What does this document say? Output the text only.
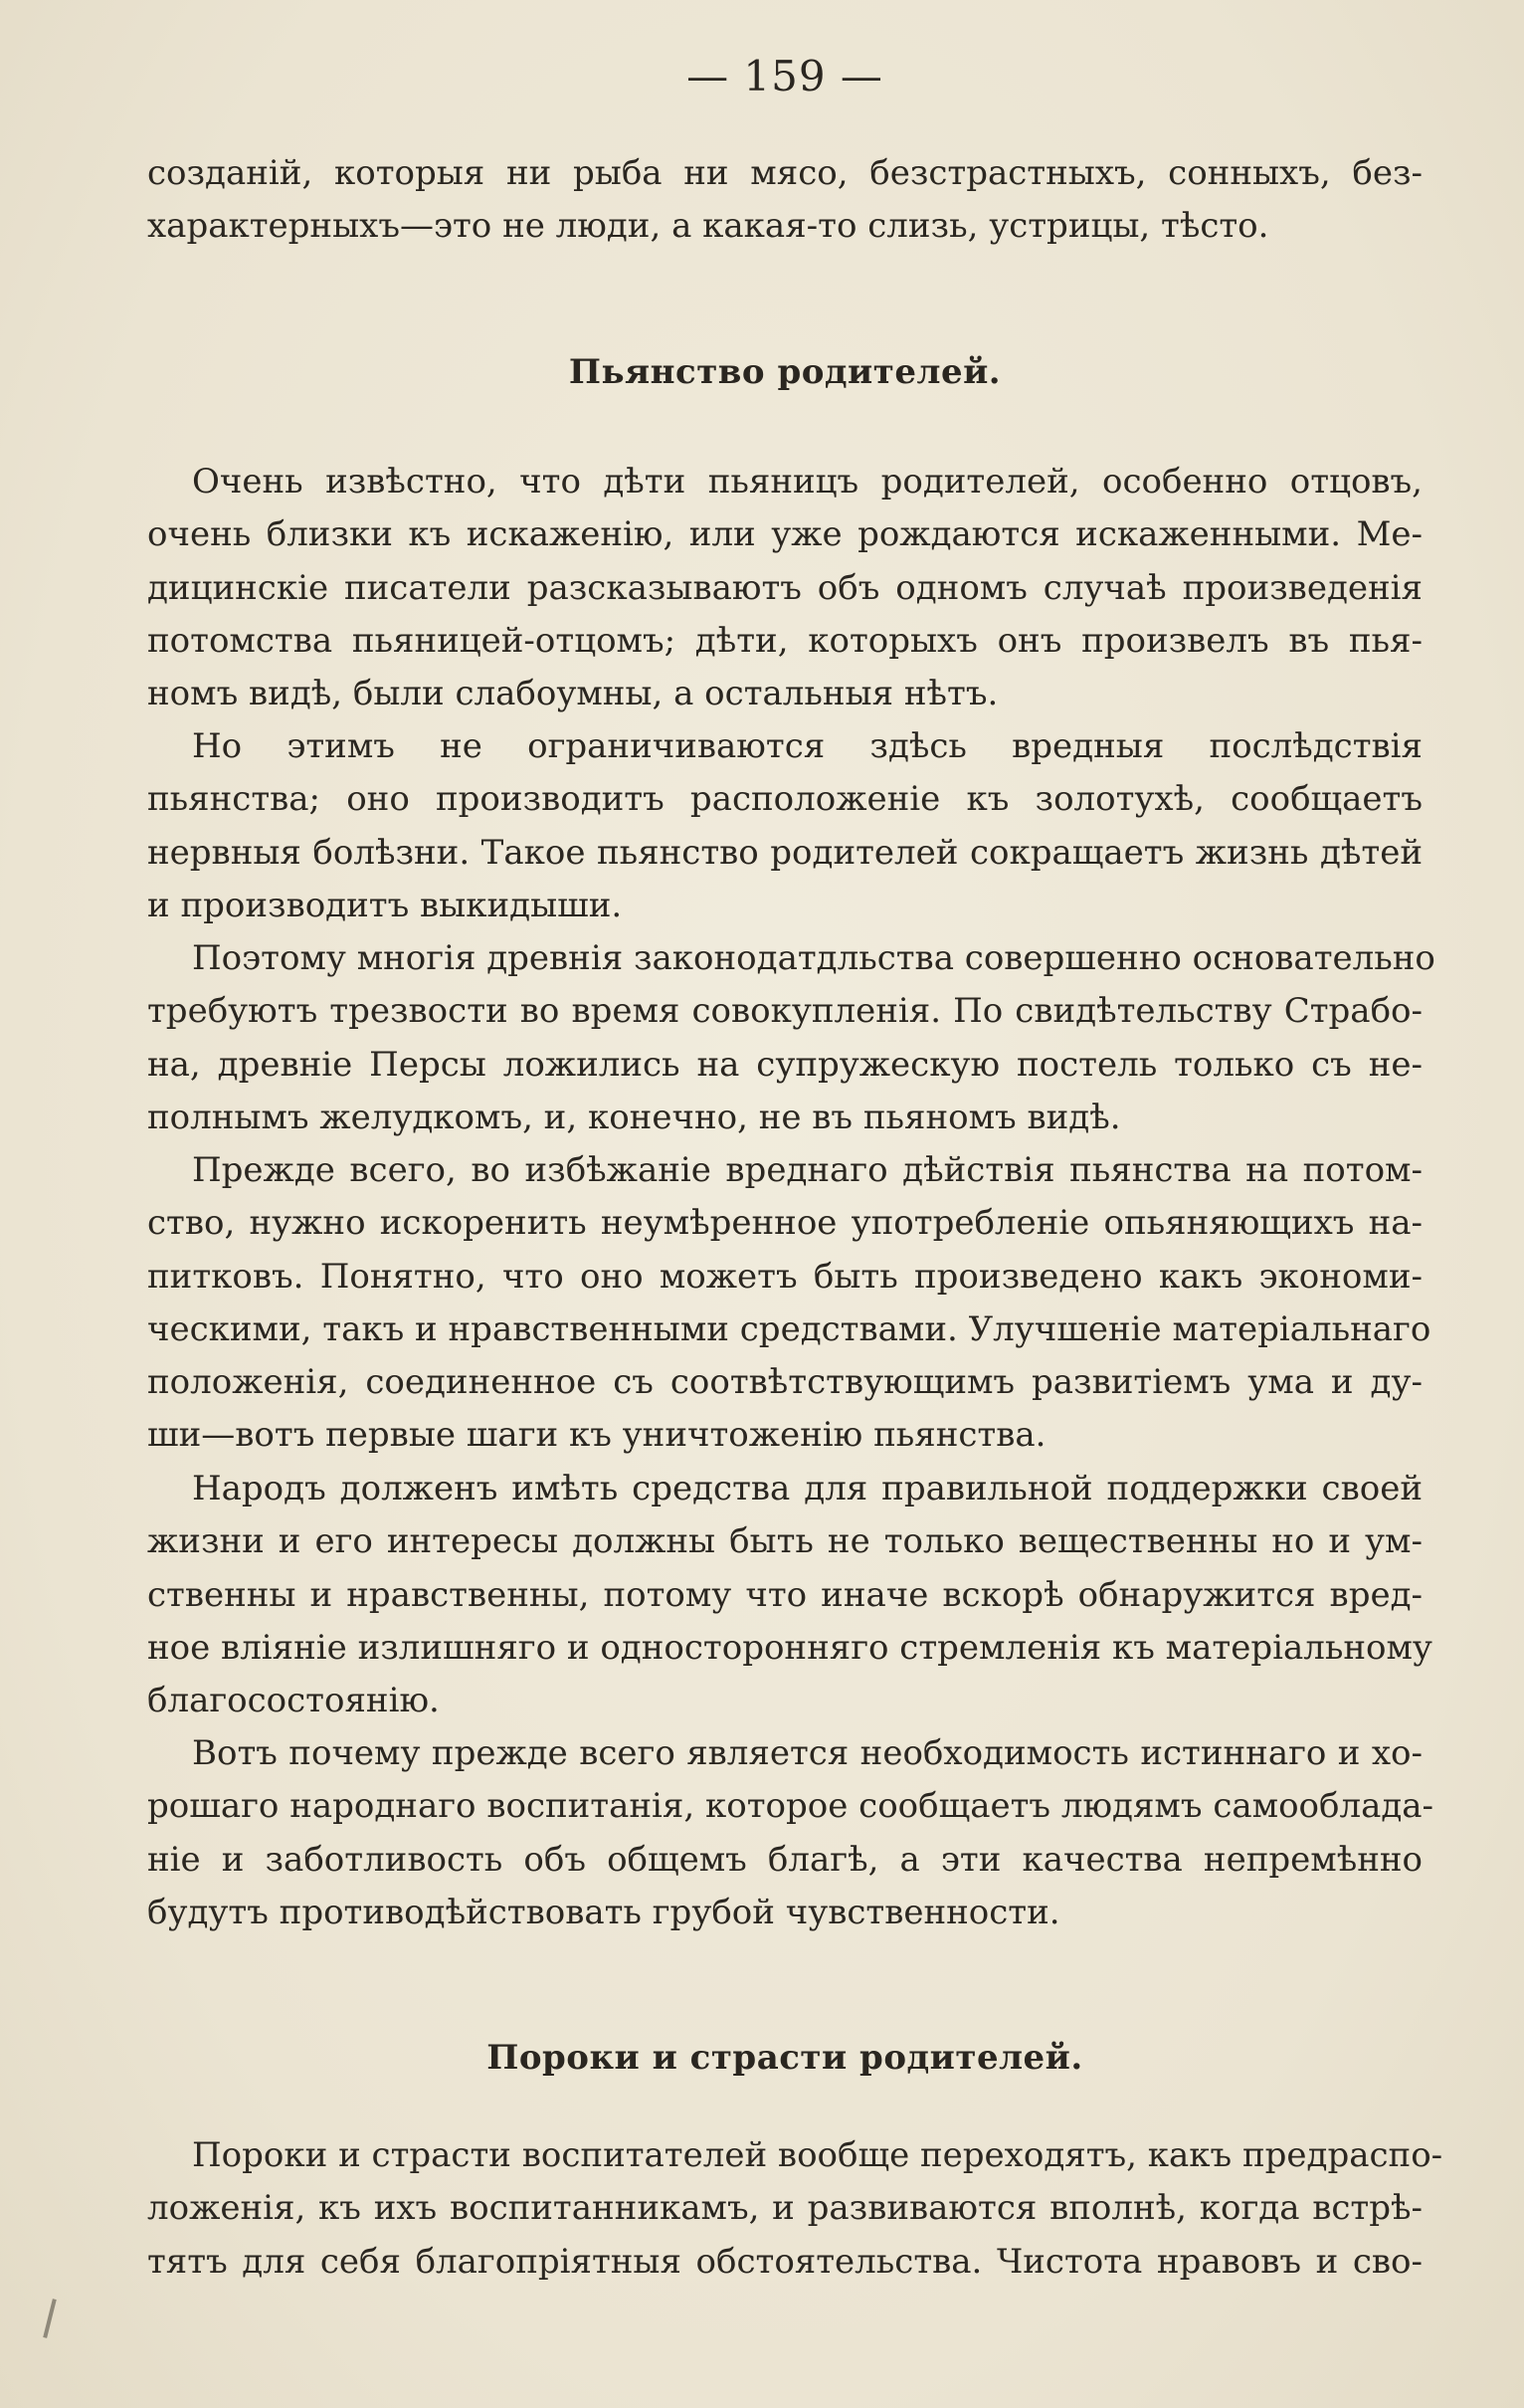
— 159 —
созданій, которыя ни рыба ни мясо, безстрастныхъ, сонныхъ, без-
характерныхъ—это не люди, а какая-то слизь, устрицы, тѣсто.
Пьянство родителей.
Очень извѣстно, что дѣти пьяницъ родителей, особенно отцовъ,
очень близки къ искаженію, или уже рождаются искаженными. Ме-
дицинскіе писатели разсказываютъ объ одномъ случаѣ произведенія
потомства пьяницей-отцомъ; дѣти, которыхъ онъ произвелъ въ пья-
номъ видѣ, были слабоумны, а остальныя нѣтъ.
Но этимъ не ограничиваются здѣсь вредныя послѣдствія
пьянства; оно производитъ расположеніе къ золотухѣ, сообщаетъ
нервныя болѣзни. Такое пьянство родителей сокращаетъ жизнь дѣтей
и производитъ выкидыши.
Поэтому многія древнія законодатдльства совершенно основательно
требуютъ трезвости во время совокупленія. По свидѣтельству Страбо-
на, древніе Персы ложились на супружескую постель только съ не-
полнымъ желудкомъ, и, конечно, не въ пьяномъ видѣ.
Прежде всего, во избѣжаніе вреднаго дѣйствія пьянства на потом-
ство, нужно искоренить неумѣренное употребленіе опьяняющихъ на-
питковъ. Понятно, что оно можетъ быть произведено какъ экономи-
ческими, такъ и нравственными средствами. Улучшеніе матеріальнаго
положенія, соединенное съ соотвѣтствующимъ развитіемъ ума и ду-
ши—вотъ первые шаги къ уничтоженію пьянства.
Народъ долженъ имѣть средства для правильной поддержки своей
жизни и его интересы должны быть не только вещественны но и ум-
ственны и нравственны, потому что иначе вскорѣ обнаружится вред-
ное вліяніе излишняго и односторонняго стремленія къ матеріальному
благосостоянію.
Вотъ почему прежде всего является необходимость истиннаго и хо-
рошаго народнаго воспитанія, которое сообщаетъ людямъ самооблада-
ніе и заботливость объ общемъ благѣ, а эти качества непремѣнно
будутъ противодѣйствовать грубой чувственности.
Пороки и страсти родителей.
Пороки и страсти воспитателей вообще переходятъ, какъ предраспо-
ложенія, къ ихъ воспитанникамъ, и развиваются вполнѣ, когда встрѣ-
тятъ для себя благопріятныя обстоятельства. Чистота нравовъ и сво-
